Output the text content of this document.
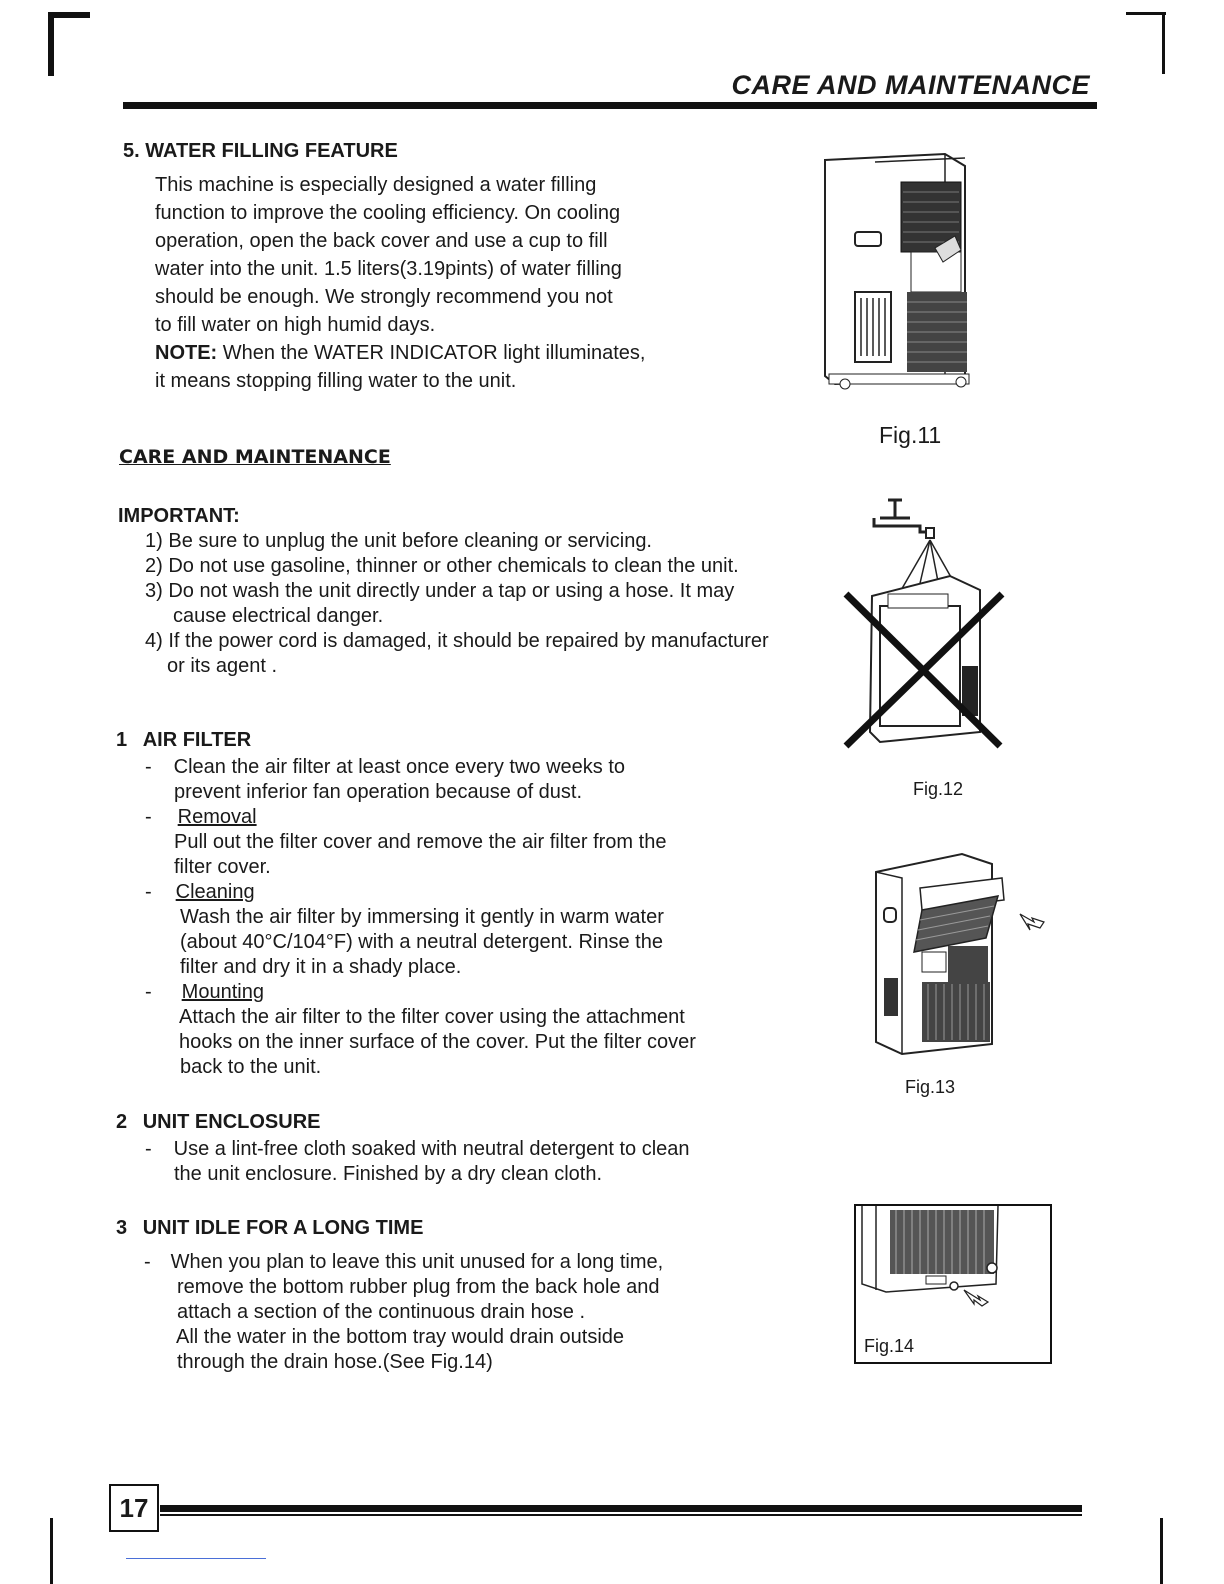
CARE AND MAINTENANCE
5. WATER FILLING FEATURE
This machine is especially designed a water filling
function to improve the cooling efficiency. On cooling
operation, open the back cover and use a cup to fill
water into the unit. 1.5 liters(3.19pints) of water filling
should be enough. We strongly recommend you not
to fill water on high humid days.
NOTE: When the WATER INDICATOR light illuminates,
it means stopping filling water to the unit.
Fig.11
CARE AND MAINTENANCE
IMPORTANT:
1) Be sure to unplug the unit before cleaning or servicing.
2) Do not use gasoline, thinner or other chemicals to clean the unit.
3) Do not wash the unit directly under a tap or using a hose. It may
cause electrical danger.
4) If the power cord is damaged, it should be repaired by manufacturer
or its agent .
Fig.12
1 AIR FILTER
- Clean the air filter at least once every two weeks to
prevent inferior fan operation because of dust.
- Removal
Pull out the filter cover and remove the air filter from the
filter cover.
- Cleaning
Wash the air filter by immersing it gently in warm water
(about 40°C/104°F) with a neutral detergent. Rinse the
filter and dry it in a shady place.
- Mounting
Attach the air filter to the filter cover using the attachment
hooks on the inner surface of the cover. Put the filter cover
back to the unit.
Fig.13
2 UNIT ENCLOSURE
- Use a lint-free cloth soaked with neutral detergent to clean
the unit enclosure. Finished by a dry clean cloth.
3 UNIT IDLE FOR A LONG TIME
- When you plan to leave this unit unused for a long time,
remove the bottom rubber plug from the back hole and
attach a section of the continuous drain hose .
All the water in the bottom tray would drain outside
through the drain hose.(See Fig.14)
Fig.14
17
